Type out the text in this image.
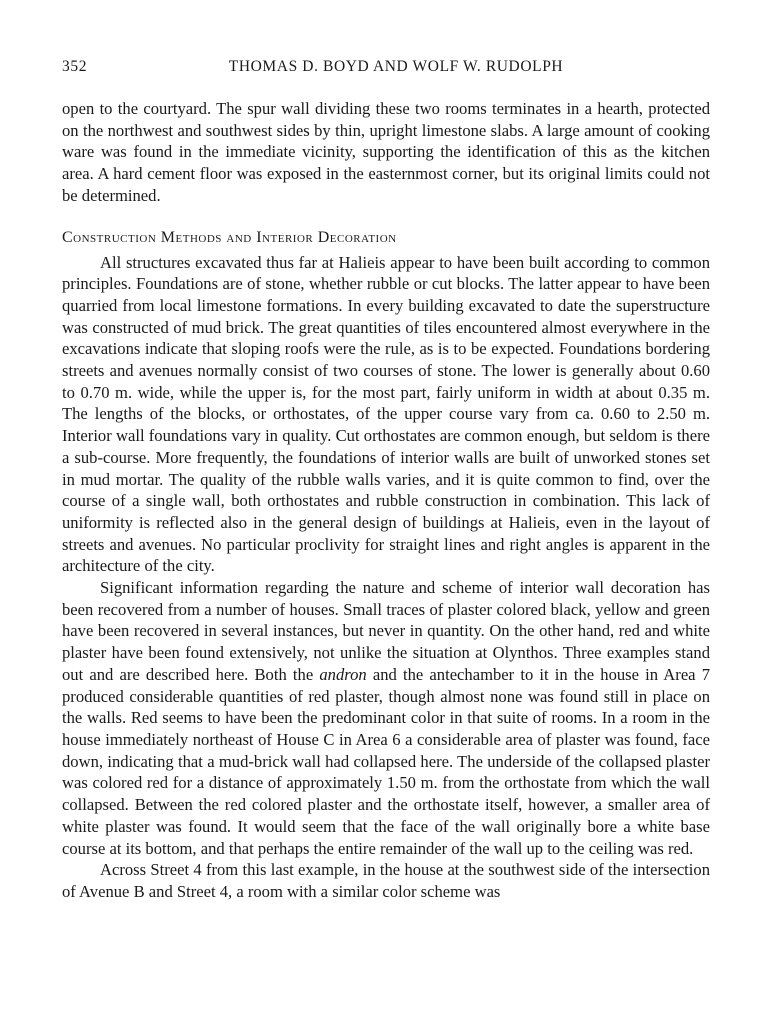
352	THOMAS D. BOYD AND WOLF W. RUDOLPH

open to the courtyard. The spur wall dividing these two rooms terminates in a hearth, protected on the northwest and southwest sides by thin, upright limestone slabs. A large amount of cooking ware was found in the immediate vicinity, supporting the identification of this as the kitchen area. A hard cement floor was exposed in the easternmost corner, but its original limits could not be determined.

Construction Methods and Interior Decoration

All structures excavated thus far at Halieis appear to have been built according to common principles. Foundations are of stone, whether rubble or cut blocks. The latter appear to have been quarried from local limestone formations. In every building excavated to date the superstructure was constructed of mud brick. The great quantities of tiles encountered almost everywhere in the excavations indicate that sloping roofs were the rule, as is to be expected. Foundations bordering streets and avenues normally consist of two courses of stone. The lower is generally about 0.60 to 0.70 m. wide, while the upper is, for the most part, fairly uniform in width at about 0.35 m. The lengths of the blocks, or orthostates, of the upper course vary from ca. 0.60 to 2.50 m. Interior wall foundations vary in quality. Cut orthostates are common enough, but seldom is there a sub-course. More frequently, the foundations of interior walls are built of unworked stones set in mud mortar. The quality of the rubble walls varies, and it is quite common to find, over the course of a single wall, both orthostates and rubble construction in combination. This lack of uniformity is reflected also in the general design of buildings at Halieis, even in the layout of streets and avenues. No particular proclivity for straight lines and right angles is apparent in the architecture of the city.

Significant information regarding the nature and scheme of interior wall decoration has been recovered from a number of houses. Small traces of plaster colored black, yellow and green have been recovered in several instances, but never in quantity. On the other hand, red and white plaster have been found extensively, not unlike the situation at Olynthos. Three examples stand out and are described here. Both the andron and the antechamber to it in the house in Area 7 produced considerable quantities of red plaster, though almost none was found still in place on the walls. Red seems to have been the predominant color in that suite of rooms. In a room in the house immediately northeast of House C in Area 6 a considerable area of plaster was found, face down, indicating that a mud-brick wall had collapsed here. The underside of the collapsed plaster was colored red for a distance of approximately 1.50 m. from the orthostate from which the wall collapsed. Between the red colored plaster and the orthostate itself, however, a smaller area of white plaster was found. It would seem that the face of the wall originally bore a white base course at its bottom, and that perhaps the entire remainder of the wall up to the ceiling was red.

Across Street 4 from this last example, in the house at the southwest side of the intersection of Avenue B and Street 4, a room with a similar color scheme was
